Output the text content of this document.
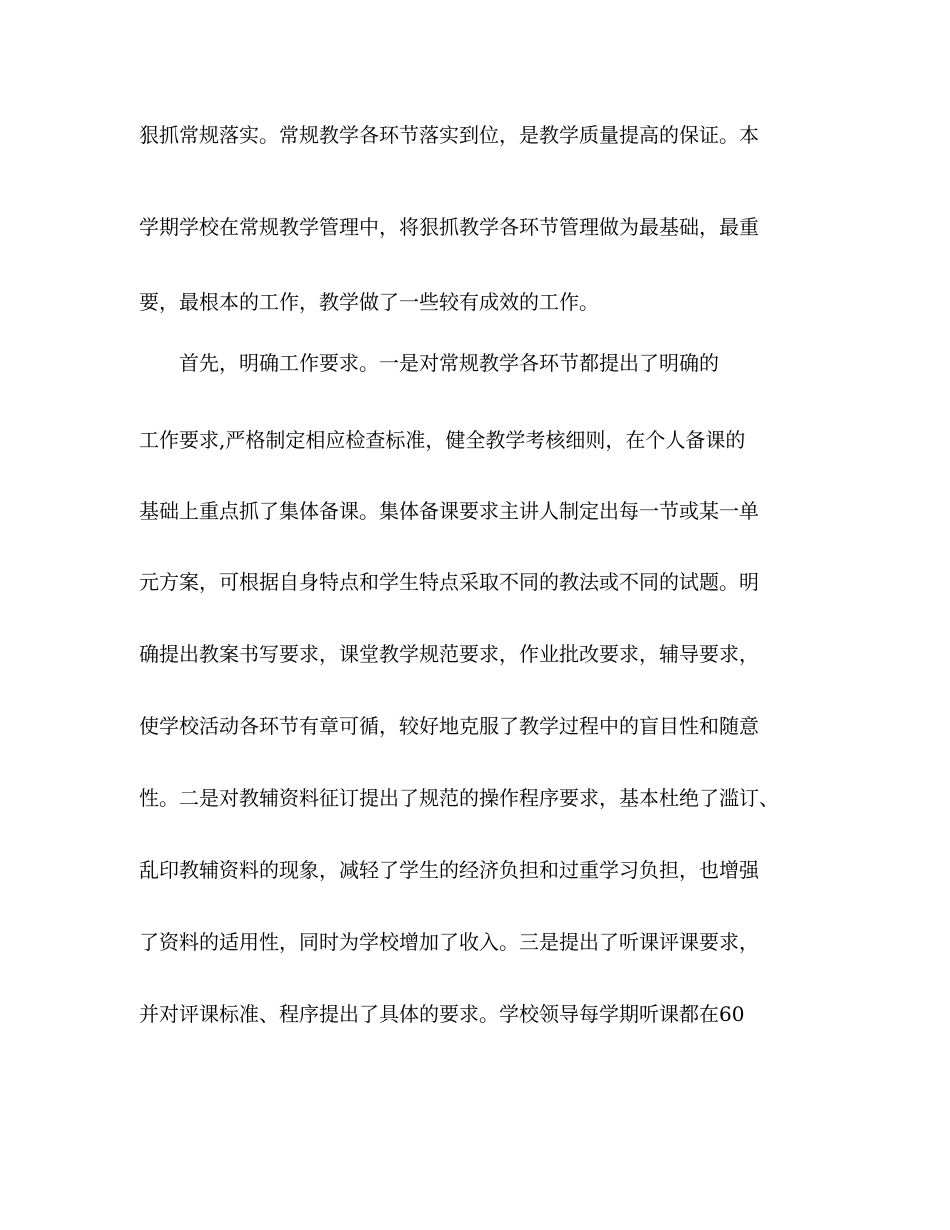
狠抓常规落实。常规教学各环节落实到位，是教学质量提高的保证。本
学期学校在常规教学管理中，将狠抓教学各环节管理做为最基础，最重
要，最根本的工作，教学做了一些较有成效的工作。
　　首先，明确工作要求。一是对常规教学各环节都提出了明确的
工作要求,严格制定相应检查标准，健全教学考核细则，在个人备课的
基础上重点抓了集体备课。集体备课要求主讲人制定出每一节或某一单
元方案，可根据自身特点和学生特点采取不同的教法或不同的试题。明
确提出教案书写要求，课堂教学规范要求，作业批改要求，辅导要求，
使学校活动各环节有章可循，较好地克服了教学过程中的盲目性和随意
性。二是对教辅资料征订提出了规范的操作程序要求，基本杜绝了滥订、
乱印教辅资料的现象，减轻了学生的经济负担和过重学习负担，也增强
了资料的适用性，同时为学校增加了收入。三是提出了听课评课要求，
并对评课标准、程序提出了具体的要求。学校领导每学期听课都在60
